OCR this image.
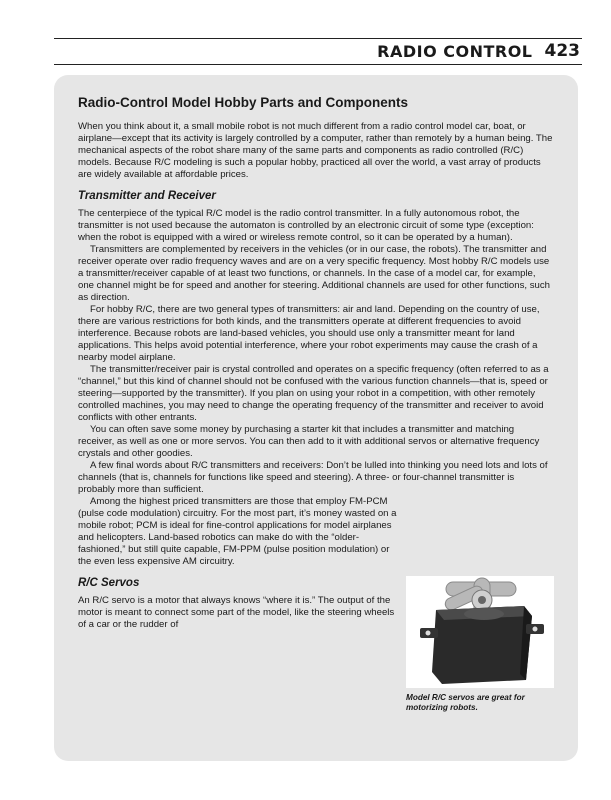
RADIO CONTROL 423
Radio-Control Model Hobby Parts and Components

When you think about it, a small mobile robot is not much different from a radio control model car, boat, or airplane—except that its activity is largely controlled by a computer, rather than remotely by a human being. The mechanical aspects of the robot share many of the same parts and components as radio controlled (R/C) models. Because R/C modeling is such a popular hobby, practiced all over the world, a vast array of products are widely available at affordable prices.

Transmitter and Receiver

The centerpiece of the typical R/C model is the radio control transmitter. In a fully autonomous robot, the transmitter is not used because the automaton is controlled by an electronic circuit of some type (exception: when the robot is equipped with a wired or wireless remote control, so it can be operated by a human).

Transmitters are complemented by receivers in the vehicles (or in our case, the robots). The transmitter and receiver operate over radio frequency waves and are on a very specific frequency. Most hobby R/C models use a transmitter/receiver capable of at least two functions, or channels. In the case of a model car, for example, one channel might be for speed and another for steering. Additional channels are used for other functions, such as direction.

For hobby R/C, there are two general types of transmitters: air and land. Depending on the country of use, there are various restrictions for both kinds, and the transmitters operate at different frequencies to avoid interference. Because robots are land-based vehicles, you should use only a transmitter meant for land applications. This helps avoid potential interference, where your robot experiments may cause the crash of a nearby model airplane.

The transmitter/receiver pair is crystal controlled and operates on a specific frequency (often referred to as a “channel,” but this kind of channel should not be confused with the various function channels—that is, speed or steering—supported by the transmitter). If you plan on using your robot in a competition, with other remotely controlled machines, you may need to change the operating frequency of the transmitter and receiver to avoid conflicts with other entrants.

You can often save some money by purchasing a starter kit that includes a transmitter and matching receiver, as well as one or more servos. You can then add to it with additional servos or alternative frequency crystals and other goodies.

A few final words about R/C transmitters and receivers: Don’t be lulled into thinking you need lots and lots of channels (that is, channels for functions like speed and steering). A three- or four-channel transmitter is probably more than sufficient.

Among the highest priced transmitters are those that employ FM-PCM (pulse code modulation) circuitry. For the most part, it’s money wasted on a mobile robot; PCM is ideal for fine-control applications for model airplanes and helicopters. Land-based robotics can make do with the “older-fashioned,” but still quite capable, FM-PPM (pulse position modulation) or the even less expensive AM circuitry.

R/C Servos

An R/C servo is a motor that always knows “where it is.” The output of the motor is meant to connect some part of the model, like the steering wheels of a car or the rudder of

Model R/C servos are great for motorizing robots.
